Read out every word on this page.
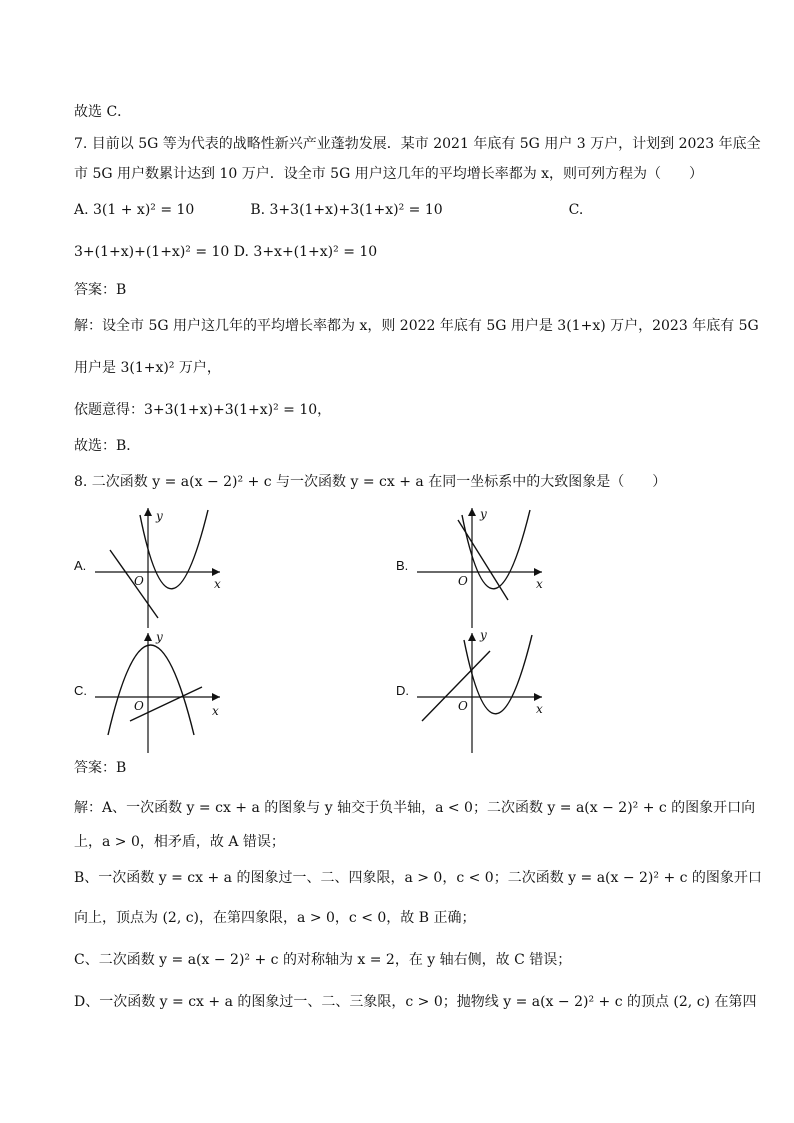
故选 C．
7. 目前以 5G 等为代表的战略性新兴产业蓬勃发展．某市 2021 年底有 5G 用户 3 万户，计划到 2023 年底全
市 5G 用户数累计达到 10 万户．设全市 5G 用户这几年的平均增长率都为 x，则可列方程为（　　）
A. 3(1 + x)² = 10　　　　B. 3+3(1+x)+3(1+x)² = 10　　　　　　　　　C.
3+(1+x)+(1+x)² = 10 D. 3+x+(1+x)² = 10
答案：B
解：设全市 5G 用户这几年的平均增长率都为 x，则 2022 年底有 5G 用户是 3(1+x) 万户，2023 年底有 5G
用户是 3(1+x)² 万户，
依题意得：3+3(1+x)+3(1+x)² = 10，
故选：B．
8. 二次函数 y = a(x − 2)² + c 与一次函数 y = cx + a 在同一坐标系中的大致图象是（　　）
A.
y
x
O
B.
y
x
O
C.
y
x
O
D.
y
x
O
答案：B
解：A、一次函数 y = cx + a 的图象与 y 轴交于负半轴，a < 0；二次函数 y = a(x − 2)² + c 的图象开口向
上，a > 0，相矛盾，故 A 错误；
B、一次函数 y = cx + a 的图象过一、二、四象限，a > 0，c < 0；二次函数 y = a(x − 2)² + c 的图象开口
向上，顶点为 (2, c)，在第四象限，a > 0，c < 0，故 B 正确；
C、二次函数 y = a(x − 2)² + c 的对称轴为 x = 2，在 y 轴右侧，故 C 错误；
D、一次函数 y = cx + a 的图象过一、二、三象限，c > 0；抛物线 y = a(x − 2)² + c 的顶点 (2, c) 在第四
